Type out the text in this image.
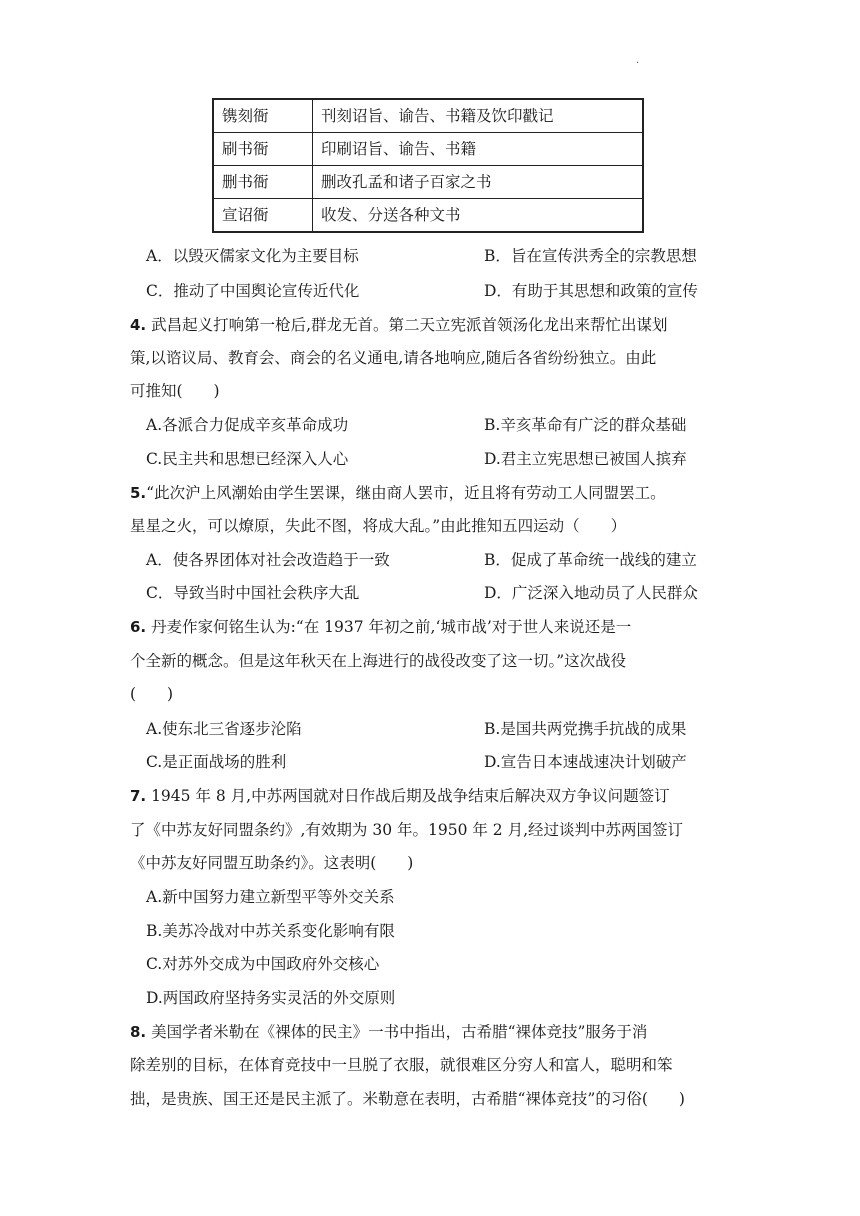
·
镌刻衙	刊刻诏旨、谕告、书籍及饮印戳记
刷书衙	印刷诏旨、谕告、书籍
删书衙	删改孔孟和诸子百家之书
宣诏衙	收发、分送各种文书
A．以毁灭儒家文化为主要目标	B．旨在宣传洪秀全的宗教思想
C．推动了中国舆论宣传近代化	D．有助于其思想和政策的宣传
4. 武昌起义打响第一枪后,群龙无首。第二天立宪派首领汤化龙出来帮忙出谋划
策,以谘议局、教育会、商会的名义通电,请各地响应,随后各省纷纷独立。由此
可推知(　　)
A.各派合力促成辛亥革命成功	B.辛亥革命有广泛的群众基础
C.民主共和思想已经深入人心	D.君主立宪思想已被国人摈弃
5.“此次沪上风潮始由学生罢课，继由商人罢市，近且将有劳动工人同盟罢工。
星星之火，可以燎原，失此不图，将成大乱。”由此推知五四运动（　　）
A．使各界团体对社会改造趋于一致	B．促成了革命统一战线的建立
C．导致当时中国社会秩序大乱	D．广泛深入地动员了人民群众
6. 丹麦作家何铭生认为:“在 1937 年初之前,‘城市战’对于世人来说还是一
个全新的概念。但是这年秋天在上海进行的战役改变了这一切。”这次战役
(　　)
A.使东北三省逐步沦陷	B.是国共两党携手抗战的成果
C.是正面战场的胜利	D.宣告日本速战速决计划破产
7. 1945 年 8 月,中苏两国就对日作战后期及战争结束后解决双方争议问题签订
了《中苏友好同盟条约》,有效期为 30 年。1950 年 2 月,经过谈判中苏两国签订
《中苏友好同盟互助条约》。这表明(　　)
A.新中国努力建立新型平等外交关系
B.美苏冷战对中苏关系变化影响有限
C.对苏外交成为中国政府外交核心
D.两国政府坚持务实灵活的外交原则
8. 美国学者米勒在《裸体的民主》一书中指出，古希腊“裸体竞技”服务于消
除差别的目标，在体育竞技中一旦脱了衣服，就很难区分穷人和富人，聪明和笨
拙，是贵族、国王还是民主派了。米勒意在表明，古希腊“裸体竞技”的习俗(　　)
